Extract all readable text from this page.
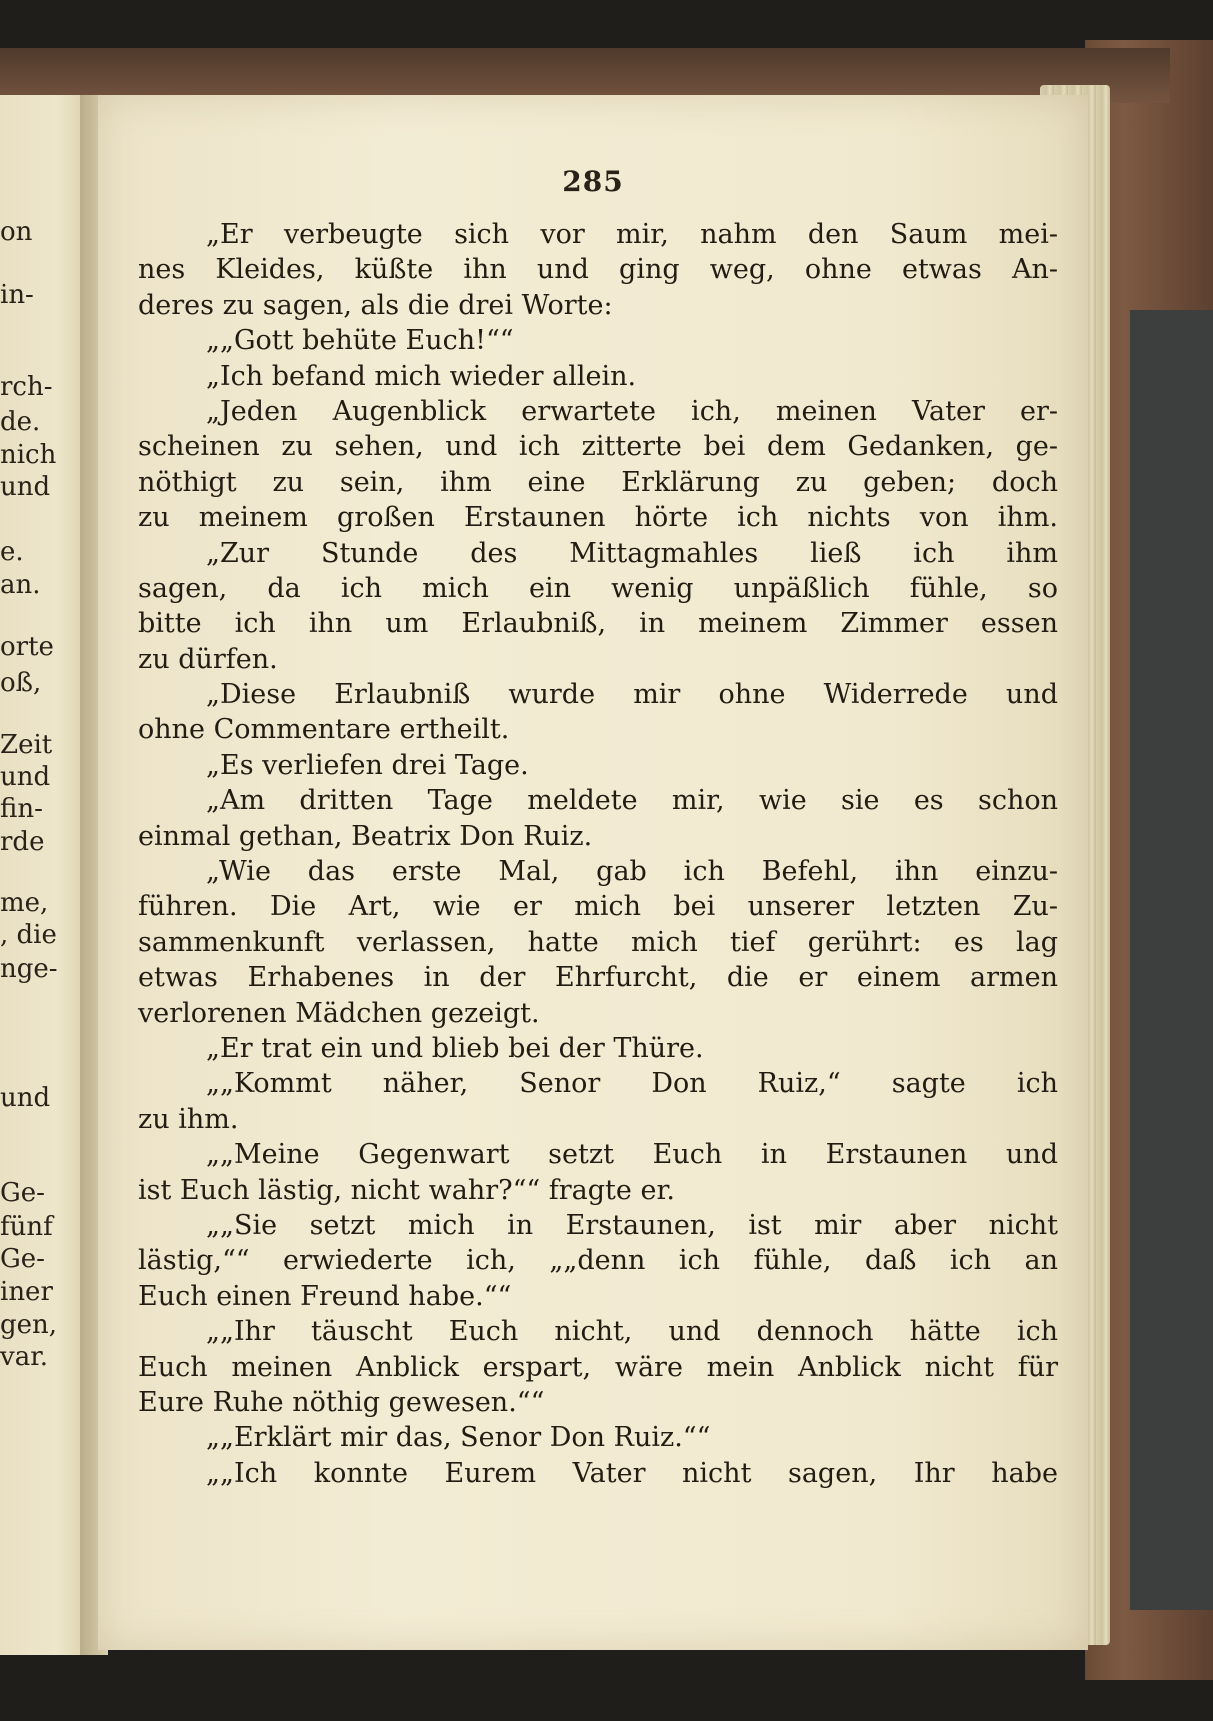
on
in-
rch-
de.
nich
und
e.
an.
orte
oß,
Zeit
und
fin-
rde
me,
, die
nge-
und
Ge-
fünf
Ge-
iner
gen,
var.
285
„Er verbeugte sich vor mir, nahm den Saum mei-
nes Kleides, küßte ihn und ging weg, ohne etwas An-
deres zu sagen, als die drei Worte:
„„Gott behüte Euch!““
„Ich befand mich wieder allein.
„Jeden Augenblick erwartete ich, meinen Vater er-
scheinen zu sehen, und ich zitterte bei dem Gedanken, ge-
nöthigt zu sein, ihm eine Erklärung zu geben; doch
zu meinem großen Erstaunen hörte ich nichts von ihm.
„Zur Stunde des Mittagmahles ließ ich ihm
sagen, da ich mich ein wenig unpäßlich fühle, so
bitte ich ihn um Erlaubniß, in meinem Zimmer essen
zu dürfen.
„Diese Erlaubniß wurde mir ohne Widerrede und
ohne Commentare ertheilt.
„Es verliefen drei Tage.
„Am dritten Tage meldete mir, wie sie es schon
einmal gethan, Beatrix Don Ruiz.
„Wie das erste Mal, gab ich Befehl, ihn einzu-
führen. Die Art, wie er mich bei unserer letzten Zu-
sammenkunft verlassen, hatte mich tief gerührt: es lag
etwas Erhabenes in der Ehrfurcht, die er einem armen
verlorenen Mädchen gezeigt.
„Er trat ein und blieb bei der Thüre.
„„Kommt näher, Senor Don Ruiz,“ sagte ich
zu ihm.
„„Meine Gegenwart setzt Euch in Erstaunen und
ist Euch lästig, nicht wahr?““ fragte er.
„„Sie setzt mich in Erstaunen, ist mir aber nicht
lästig,““ erwiederte ich, „„denn ich fühle, daß ich an
Euch einen Freund habe.““
„„Ihr täuscht Euch nicht, und dennoch hätte ich
Euch meinen Anblick erspart, wäre mein Anblick nicht für
Eure Ruhe nöthig gewesen.““
„„Erklärt mir das, Senor Don Ruiz.““
„„Ich konnte Eurem Vater nicht sagen, Ihr habe
